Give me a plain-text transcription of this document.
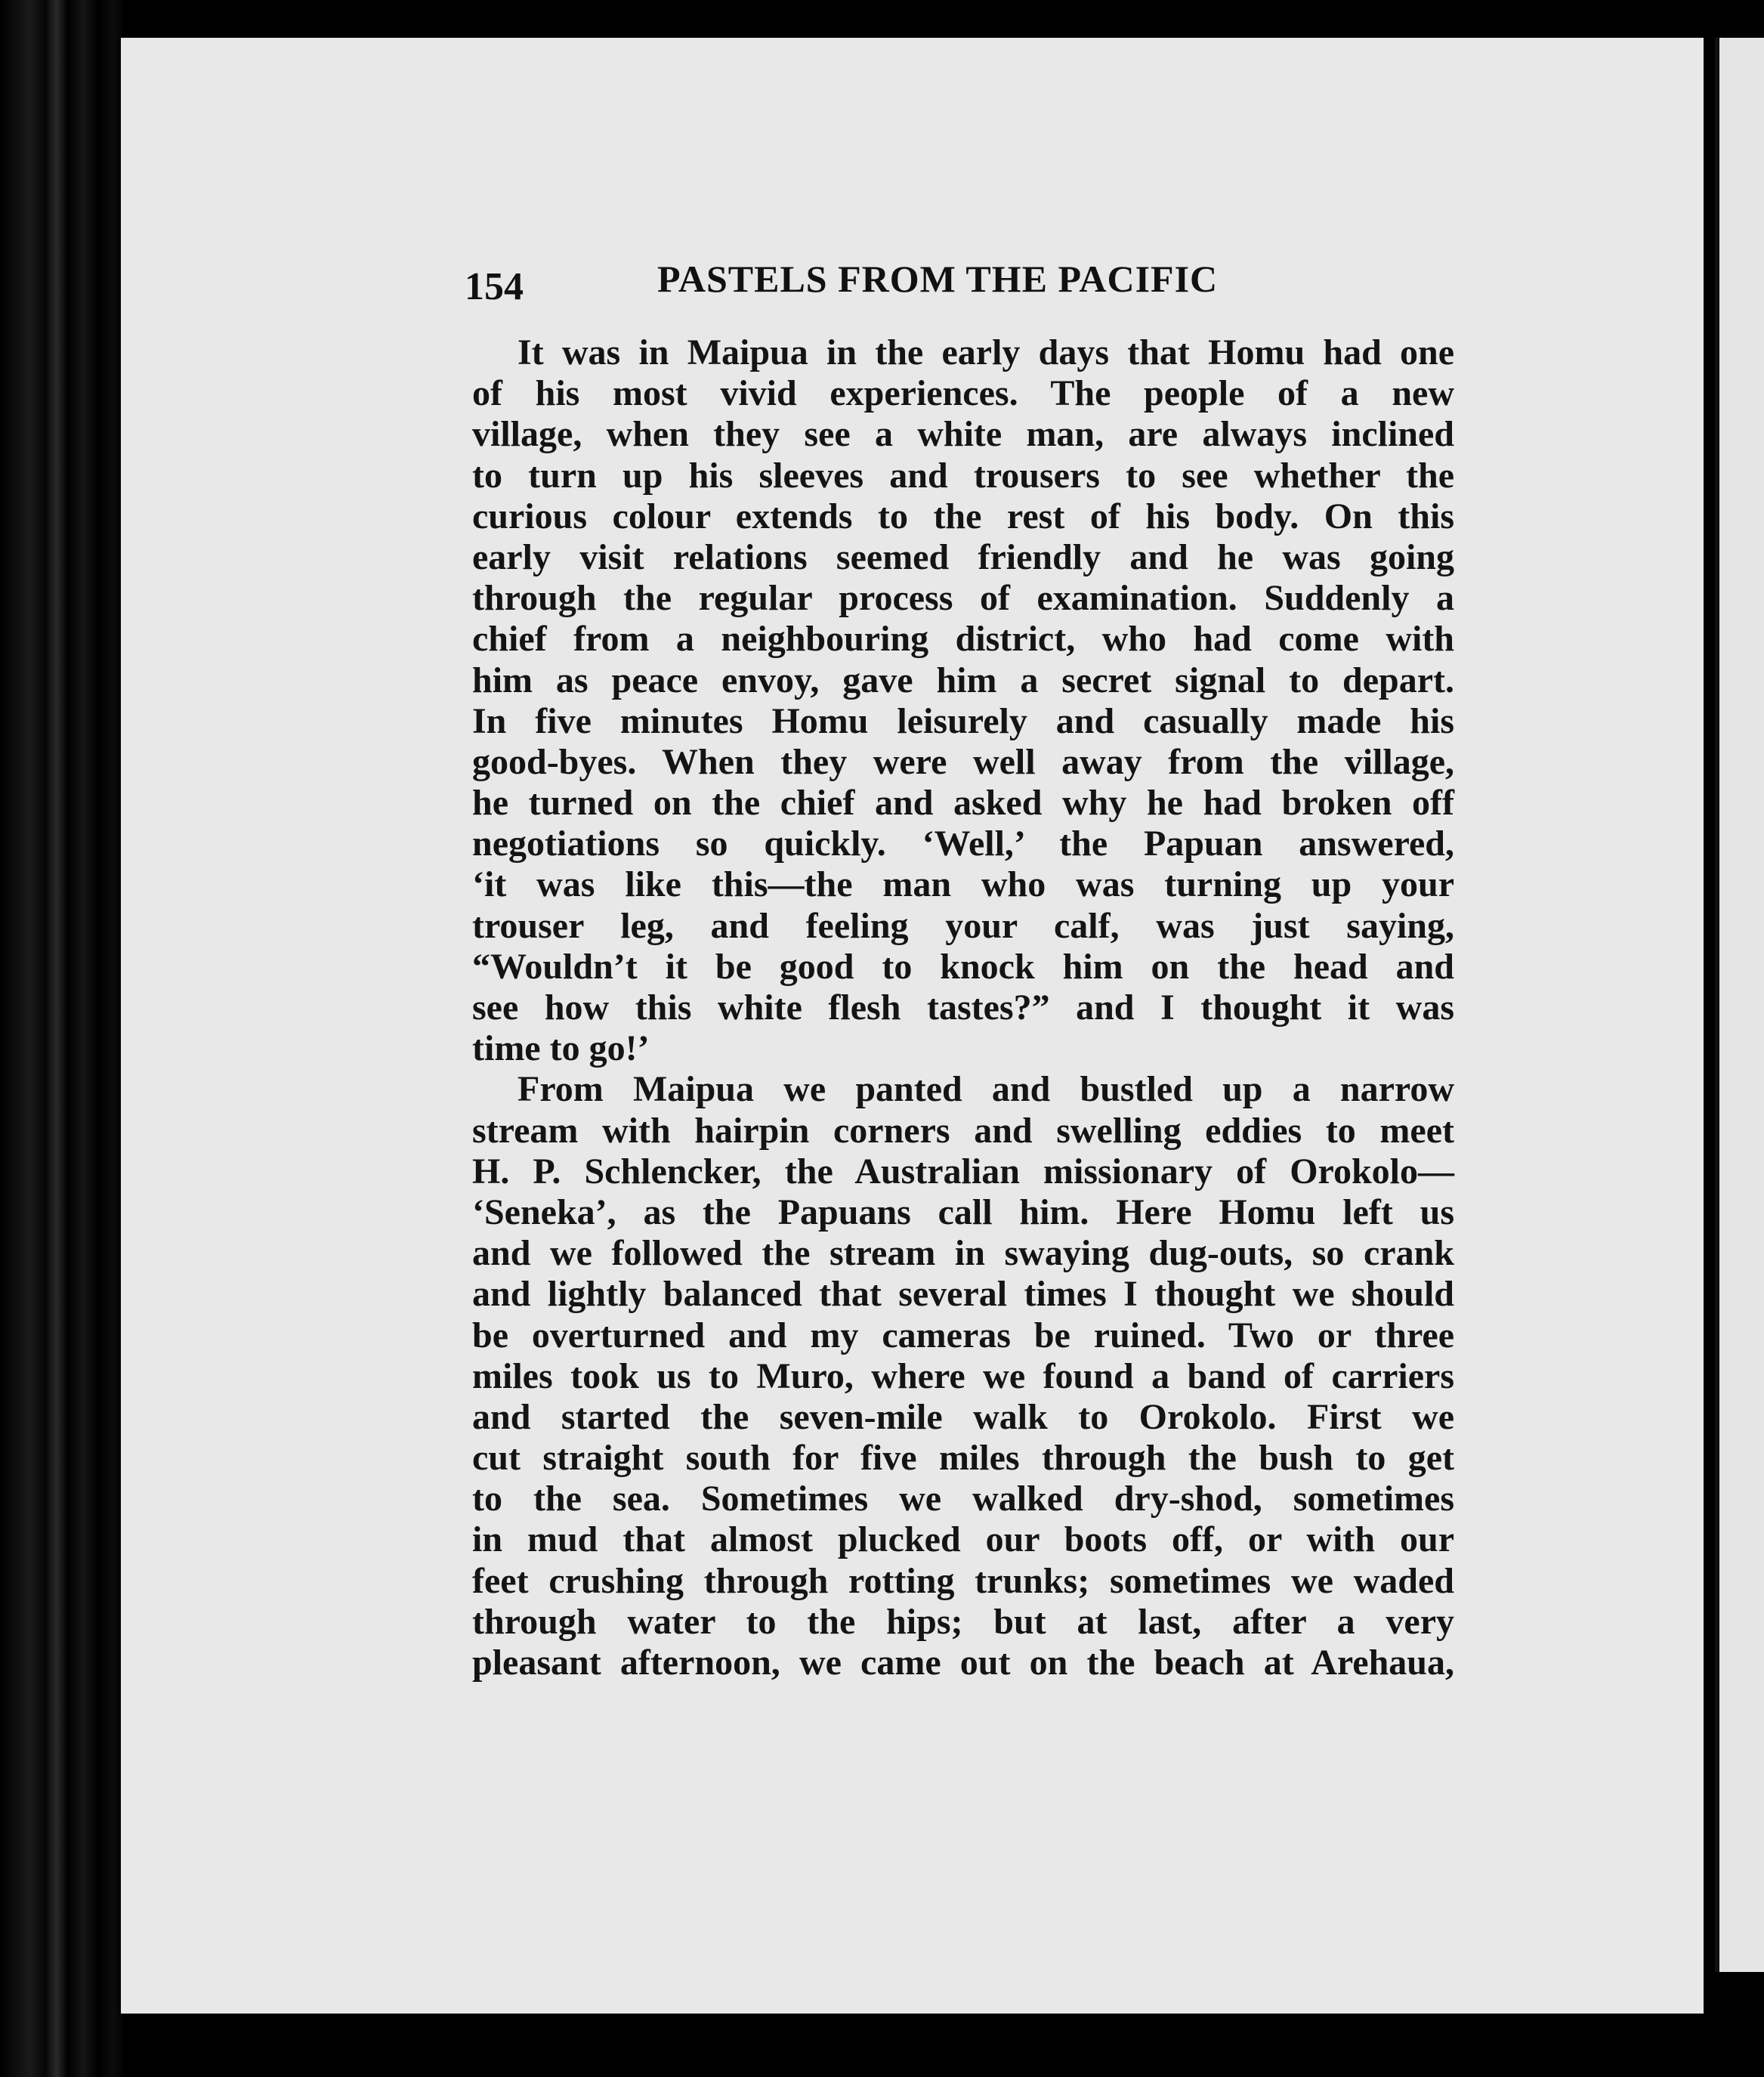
154	PASTELS FROM THE PACIFIC
It was in Maipua in the early days that Homu had one
of his most vivid experiences. The people of a new
village, when they see a white man, are always inclined
to turn up his sleeves and trousers to see whether the
curious colour extends to the rest of his body. On this
early visit relations seemed friendly and he was going
through the regular process of examination. Suddenly a
chief from a neighbouring district, who had come with
him as peace envoy, gave him a secret signal to depart.
In five minutes Homu leisurely and casually made his
good-byes. When they were well away from the village,
he turned on the chief and asked why he had broken off
negotiations so quickly. ‘Well,’ the Papuan answered,
‘it was like this—the man who was turning up your
trouser leg, and feeling your calf, was just saying,
“Wouldn’t it be good to knock him on the head and
see how this white flesh tastes?” and I thought it was
time to go!’
From Maipua we panted and bustled up a narrow
stream with hairpin corners and swelling eddies to meet
H. P. Schlencker, the Australian missionary of Orokolo—
‘Seneka’, as the Papuans call him. Here Homu left us
and we followed the stream in swaying dug-outs, so crank
and lightly balanced that several times I thought we should
be overturned and my cameras be ruined. Two or three
miles took us to Muro, where we found a band of carriers
and started the seven-mile walk to Orokolo. First we
cut straight south for five miles through the bush to get
to the sea. Sometimes we walked dry-shod, sometimes
in mud that almost plucked our boots off, or with our
feet crushing through rotting trunks; sometimes we waded
through water to the hips; but at last, after a very
pleasant afternoon, we came out on the beach at Arehaua,
